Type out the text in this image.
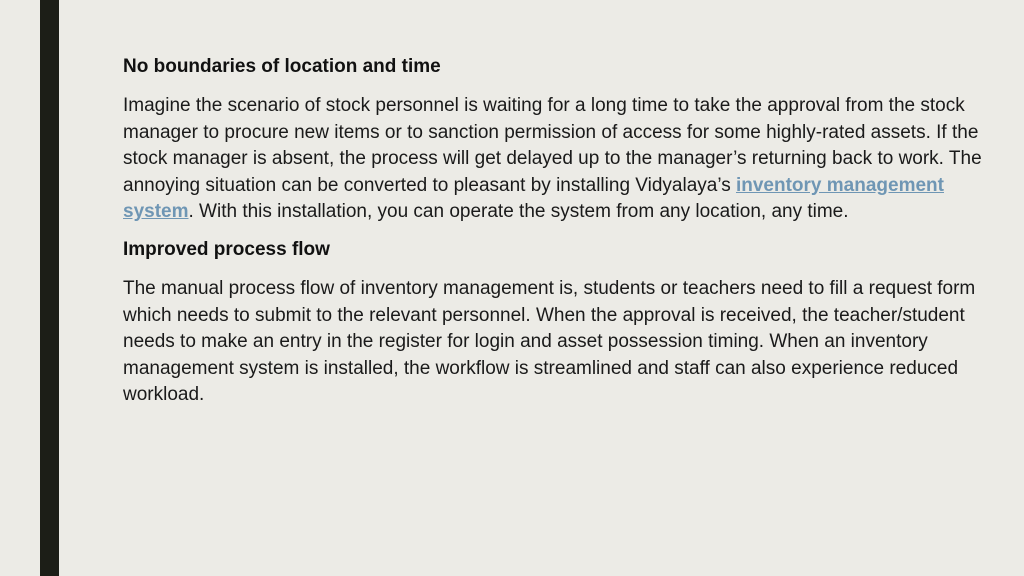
No boundaries of location and time

Imagine the scenario of stock personnel is waiting for a long time to take the approval from the stock manager to procure new items or to sanction permission of access for some highly-rated assets. If the stock manager is absent, the process will get delayed up to the manager’s returning back to work. The annoying situation can be converted to pleasant by installing Vidyalaya’s inventory management system. With this installation, you can operate the system from any location, any time.

Improved process flow

The manual process flow of inventory management is, students or teachers need to fill a request form which needs to submit to the relevant personnel. When the approval is received, the teacher/student needs to make an entry in the register for login and asset possession timing. When an inventory management system is installed, the workflow is streamlined and staff can also experience reduced workload.
